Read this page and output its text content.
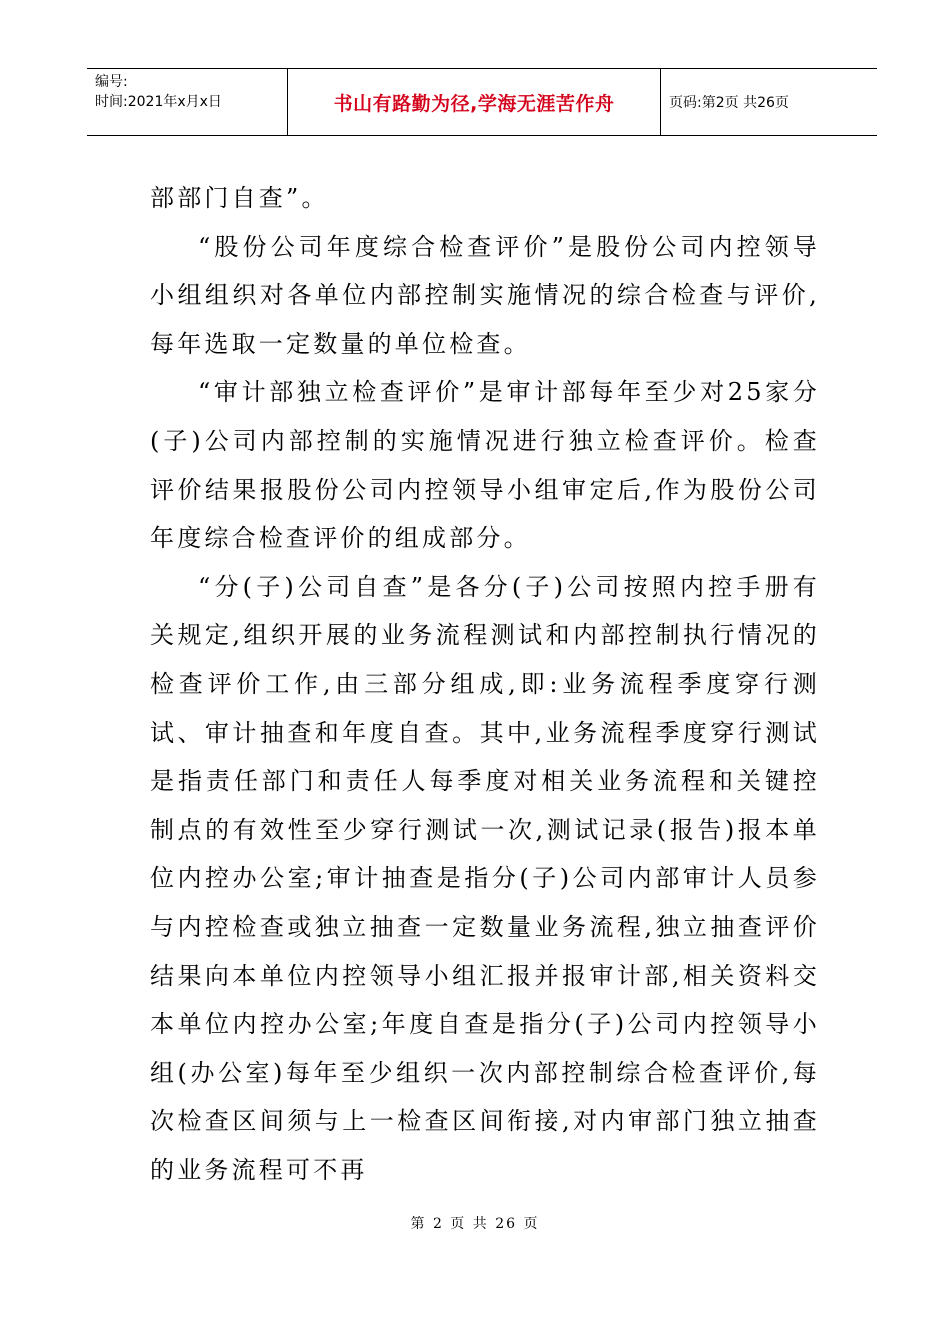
编号:
时间:2021年x月x日	书山有路勤为径,学海无涯苦作舟	页码:第2页 共26页

部部门自查”。

“股份公司年度综合检查评价”是股份公司内控领导小组组织对各单位内部控制实施情况的综合检查与评价,每年选取一定数量的单位检查。

“审计部独立检查评价”是审计部每年至少对25家分(子)公司内部控制的实施情况进行独立检查评价。检查评价结果报股份公司内控领导小组审定后,作为股份公司年度综合检查评价的组成部分。

“分(子)公司自查”是各分(子)公司按照内控手册有关规定,组织开展的业务流程测试和内部控制执行情况的检查评价工作,由三部分组成,即:业务流程季度穿行测试、审计抽查和年度自查。其中,业务流程季度穿行测试是指责任部门和责任人每季度对相关业务流程和关键控制点的有效性至少穿行测试一次,测试记录(报告)报本单位内控办公室;审计抽查是指分(子)公司内部审计人员参与内控检查或独立抽查一定数量业务流程,独立抽查评价结果向本单位内控领导小组汇报并报审计部,相关资料交本单位内控办公室;年度自查是指分(子)公司内控领导小组(办公室)每年至少组织一次内部控制综合检查评价,每次检查区间须与上一检查区间衔接,对内审部门独立抽查的业务流程可不再

第 2 页 共 26 页
